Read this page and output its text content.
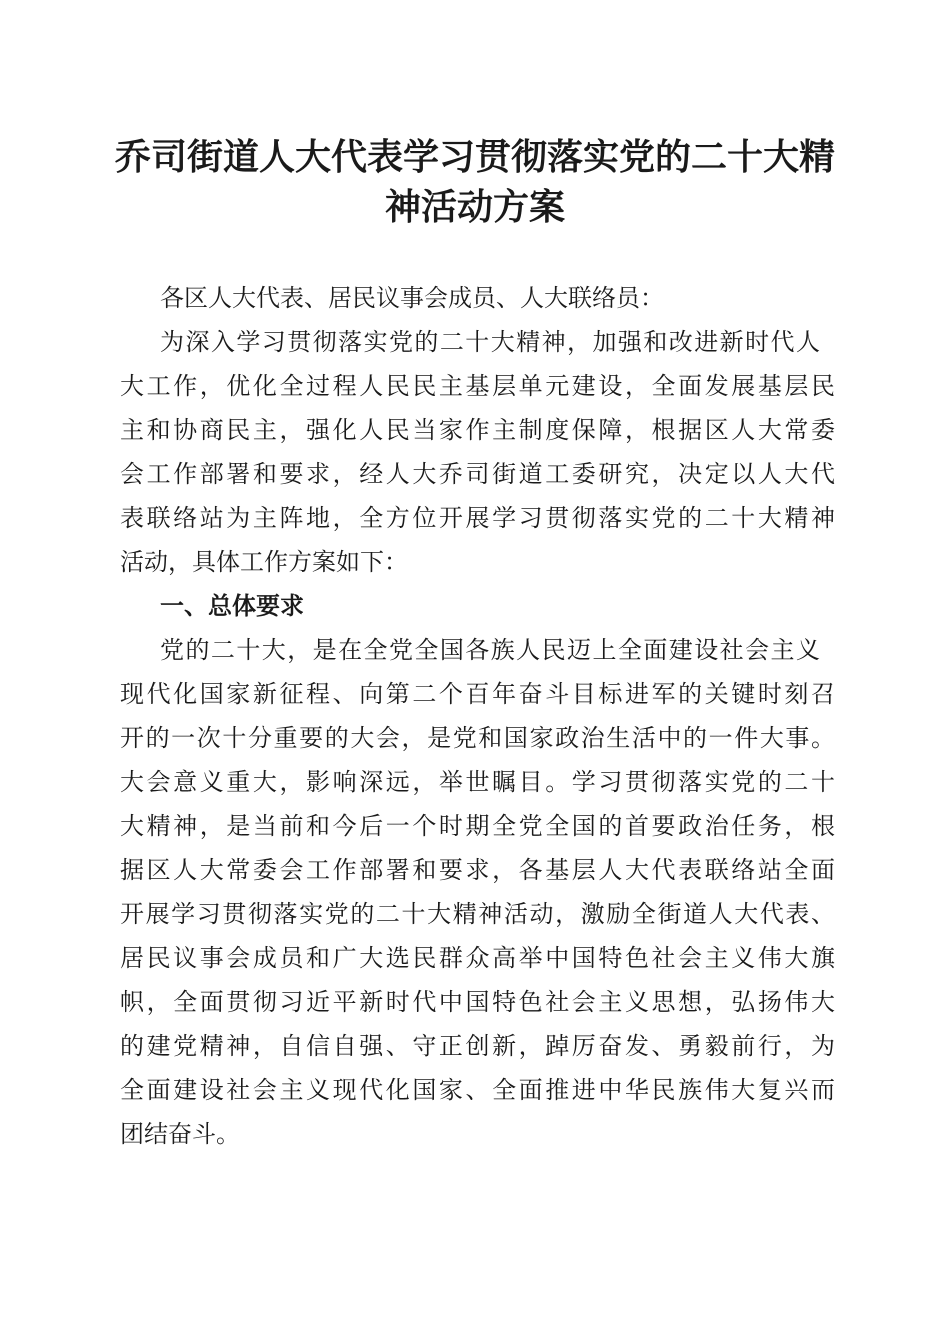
乔司街道人大代表学习贯彻落实党的二十大精
神活动方案

各区人大代表、居民议事会成员、人大联络员：

为深入学习贯彻落实党的二十大精神，加强和改进新时代人

大工作，优化全过程人民民主基层单元建设，全面发展基层民

主和协商民主，强化人民当家作主制度保障，根据区人大常委

会工作部署和要求，经人大乔司街道工委研究，决定以人大代

表联络站为主阵地，全方位开展学习贯彻落实党的二十大精神

活动，具体工作方案如下：

一、总体要求

党的二十大，是在全党全国各族人民迈上全面建设社会主义

现代化国家新征程、向第二个百年奋斗目标进军的关键时刻召

开的一次十分重要的大会，是党和国家政治生活中的一件大事。

大会意义重大，影响深远，举世瞩目。学习贯彻落实党的二十

大精神，是当前和今后一个时期全党全国的首要政治任务，根

据区人大常委会工作部署和要求，各基层人大代表联络站全面

开展学习贯彻落实党的二十大精神活动，激励全街道人大代表、

居民议事会成员和广大选民群众高举中国特色社会主义伟大旗

帜，全面贯彻习近平新时代中国特色社会主义思想，弘扬伟大

的建党精神，自信自强、守正创新，踔厉奋发、勇毅前行，为

全面建设社会主义现代化国家、全面推进中华民族伟大复兴而

团结奋斗。
